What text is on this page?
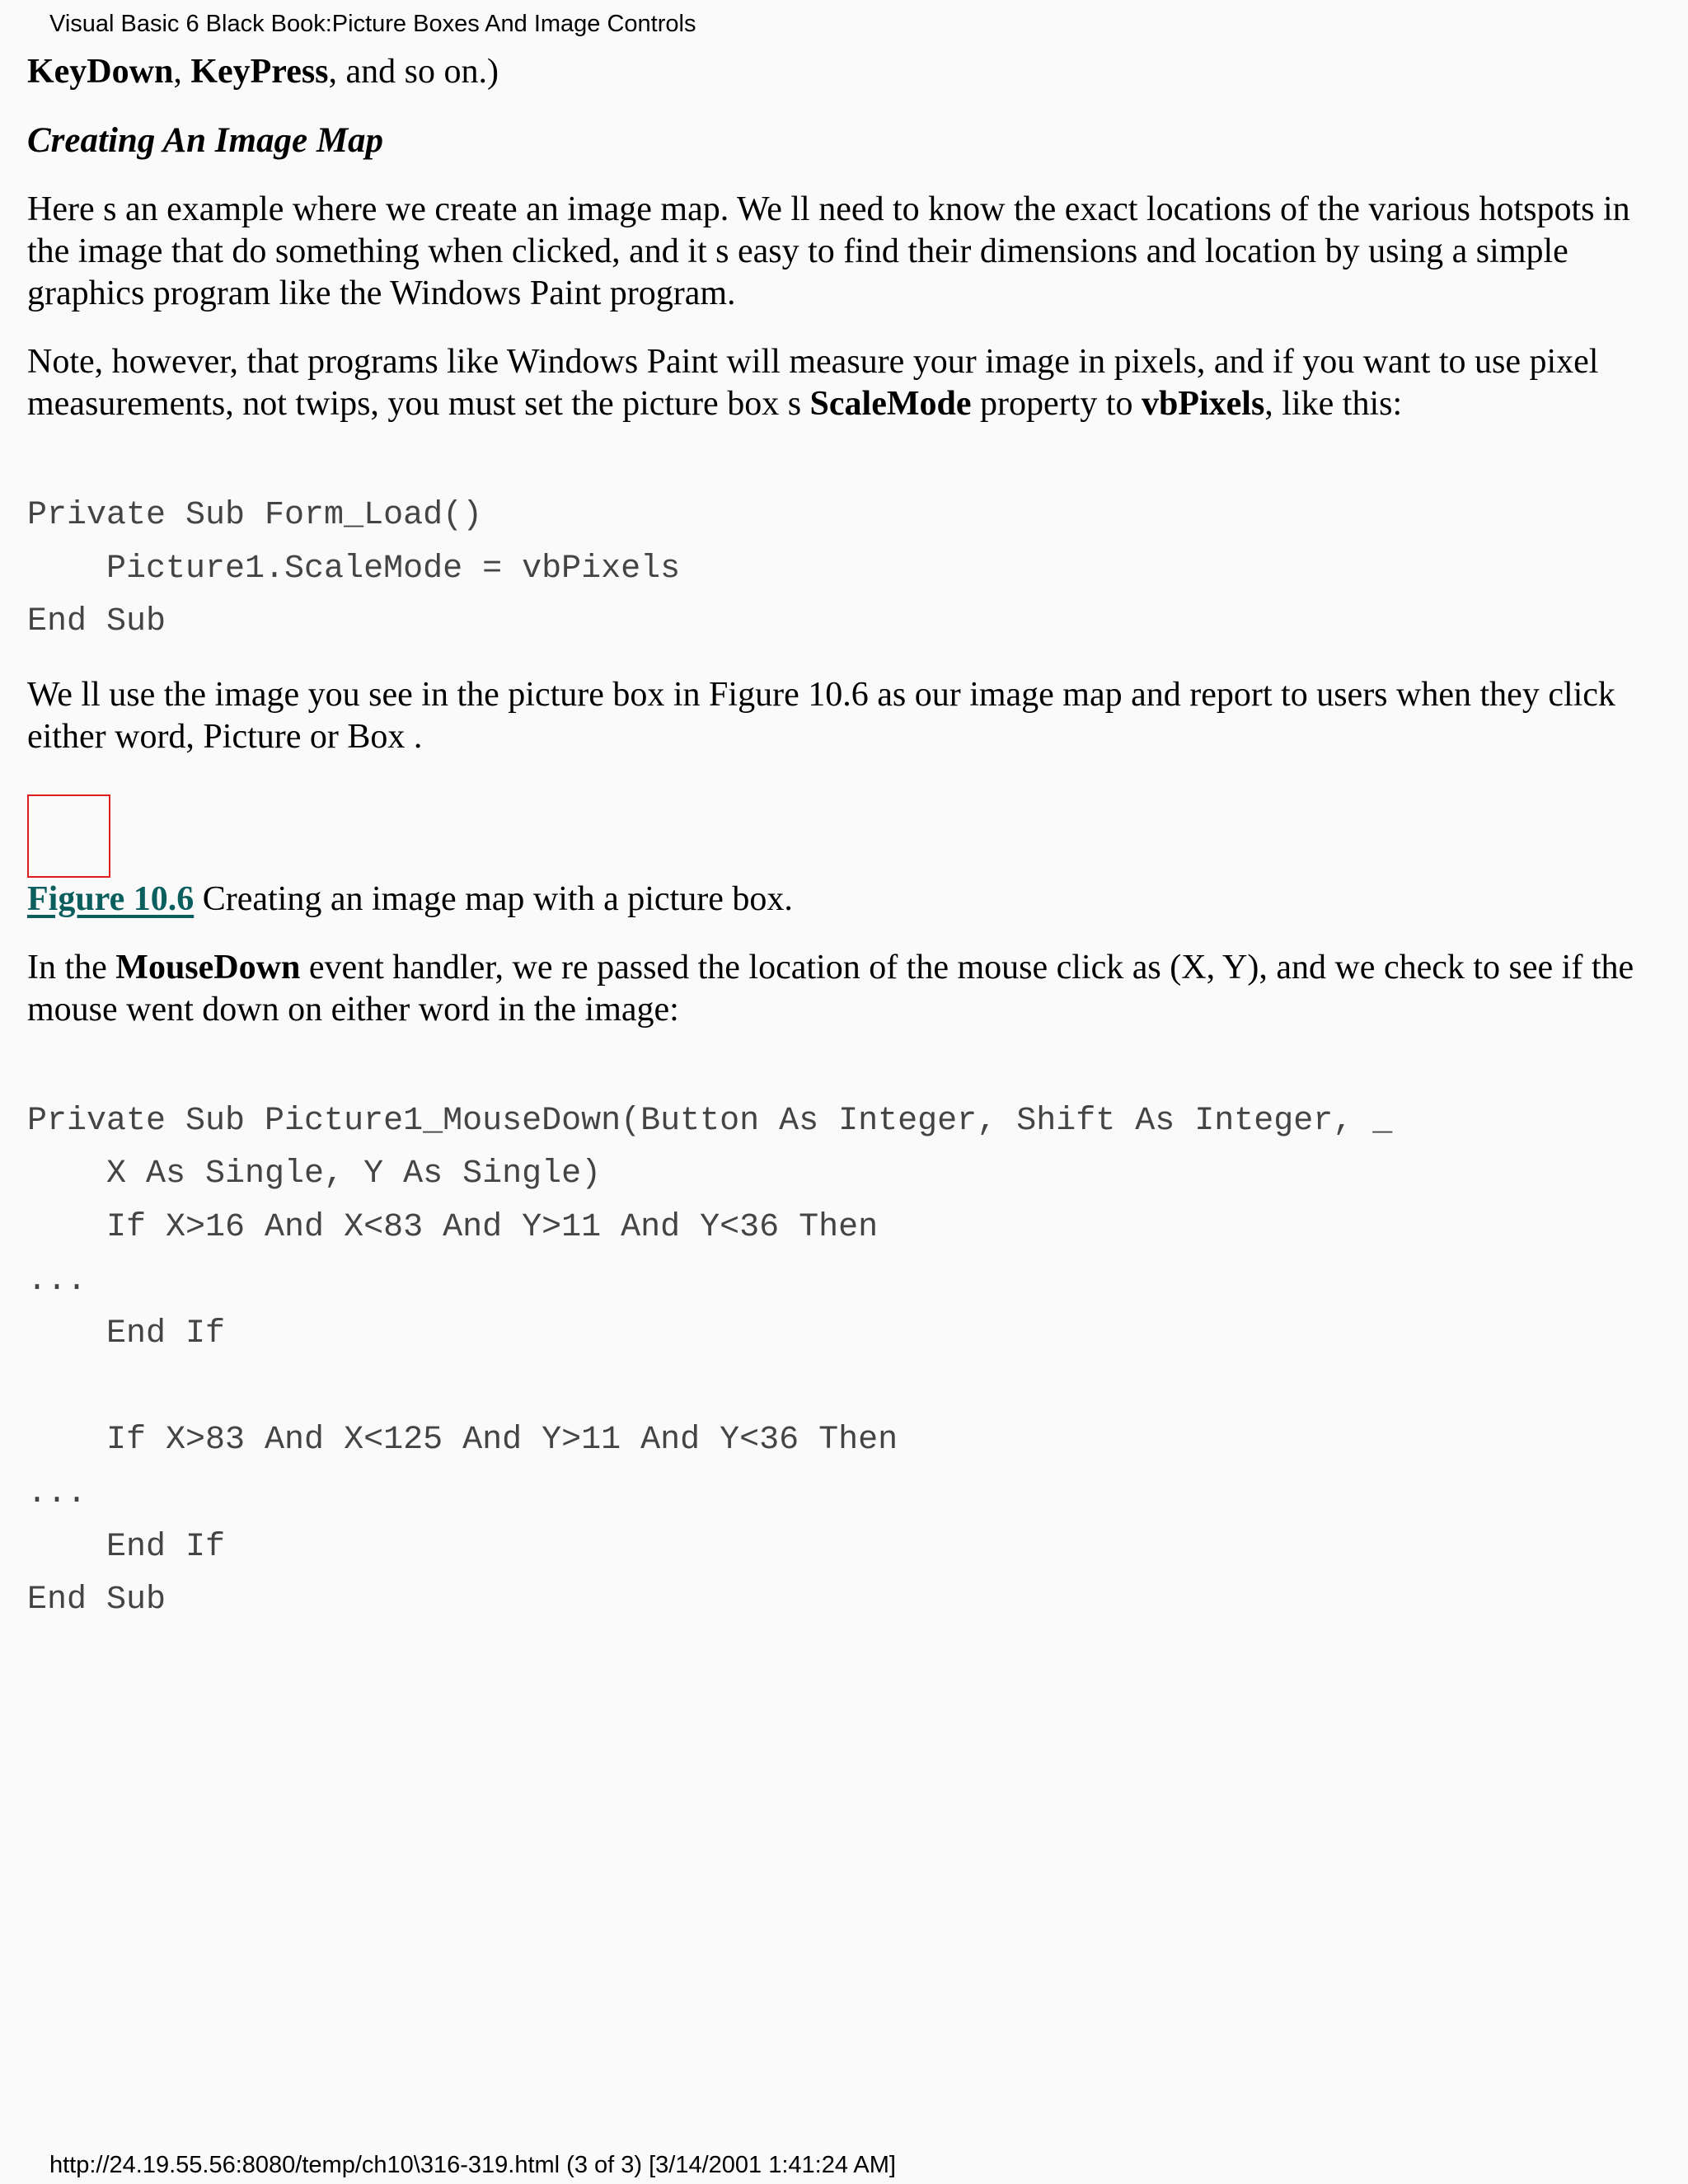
Visual Basic 6 Black Book:Picture Boxes And Image Controls

KeyDown, KeyPress, and so on.)

Creating An Image Map

Here s an example where we create an image map. We ll need to know the exact locations of the various hotspots in the image that do something when clicked, and it s easy to find their dimensions and location by using a simple graphics program like the Windows Paint program.

Note, however, that programs like Windows Paint will measure your image in pixels, and if you want to use pixel measurements, not twips, you must set the picture box s ScaleMode property to vbPixels, like this:

Private Sub Form_Load()
Picture1.ScaleMode = vbPixels
End Sub

We ll use the image you see in the picture box in Figure 10.6 as our image map and report to users when they click either word, Picture or Box .

Figure 10.6 Creating an image map with a picture box.

In the MouseDown event handler, we re passed the location of the mouse click as (X, Y), and we check to see if the mouse went down on either word in the image:

Private Sub Picture1_MouseDown(Button As Integer, Shift As Integer, _
X As Single, Y As Single)
If X>16 And X<83 And Y>11 And Y<36 Then
...
End If

If X>83 And X<125 And Y>11 And Y<36 Then
...
End If
End Sub
http://24.19.55.56:8080/temp/ch10\316-319.html (3 of 3) [3/14/2001 1:41:24 AM]
